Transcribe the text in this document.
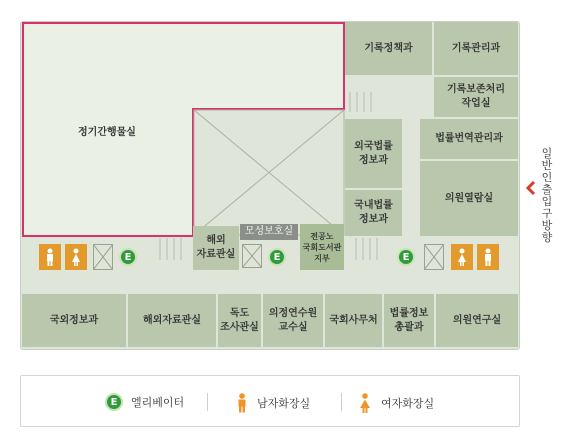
정기간행물실
기록정책과	기록관리과
기록보존처리
작업실
법률번역관리과
외국법률
정보과
국내법률
정보과
의원열람실
해외
자료관실
모성보호실	전공노
국회도서관
지부
E
E	E
국외정보과	해외자료관실
독도
조사관실
의정연수원
교수실
국회사무처
법률정보
총괄과
의원연구실
일반인출입구방향
E	엘리베이터	남자화장실	여자화장실
